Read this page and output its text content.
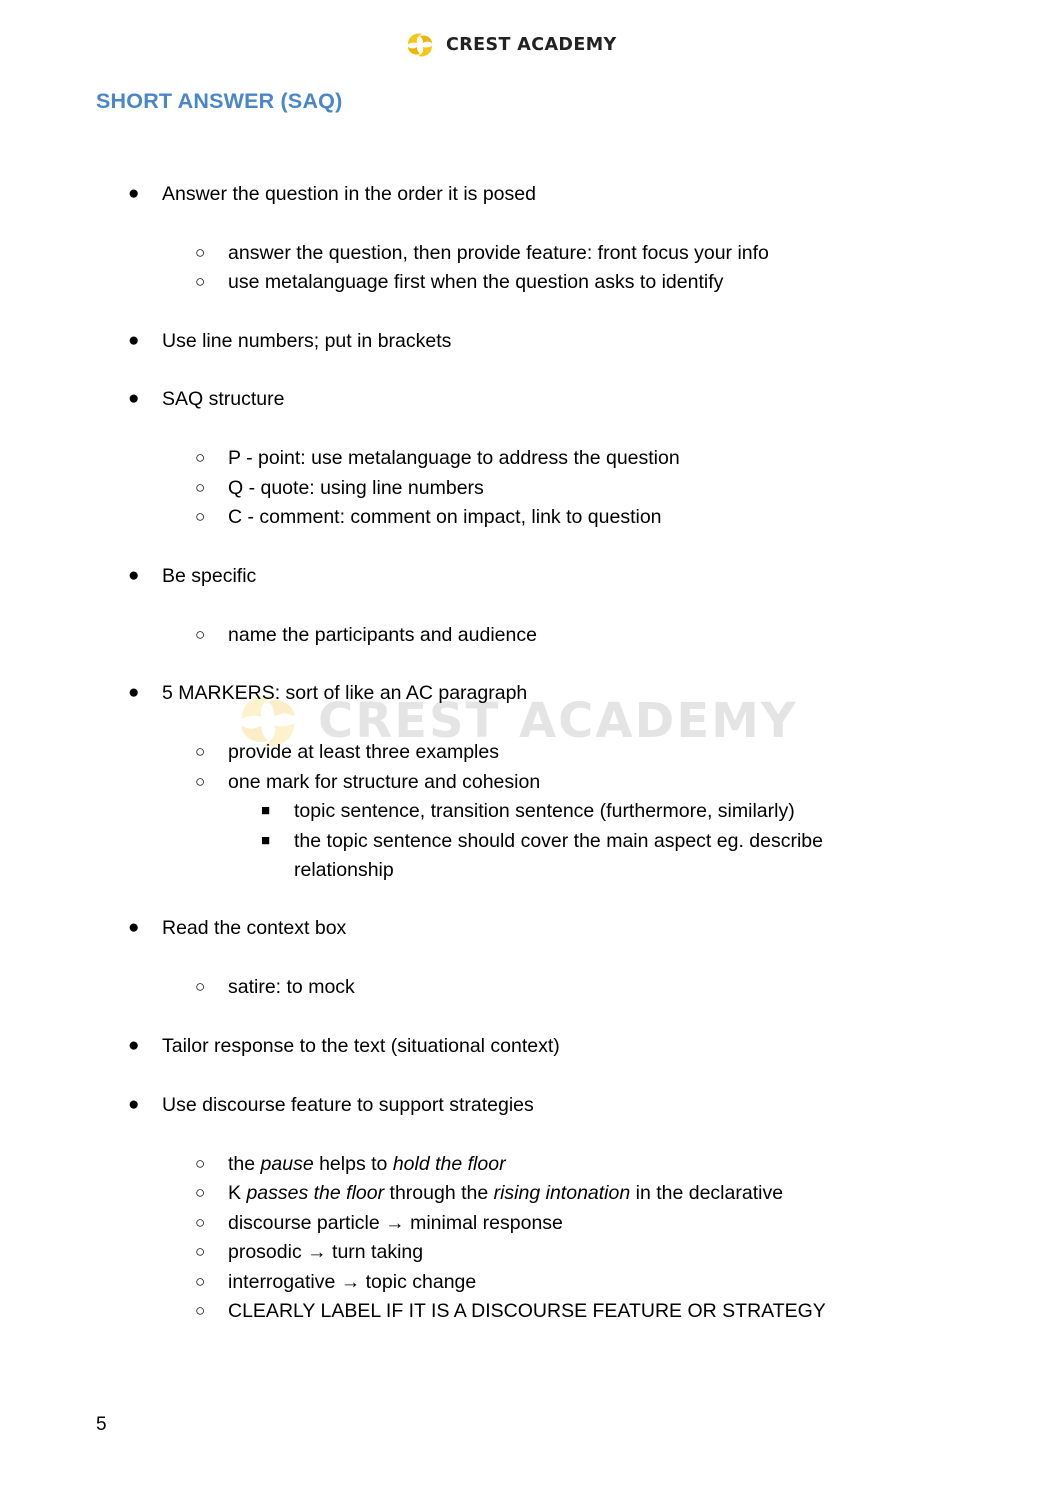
CREST ACADEMY
SHORT ANSWER (SAQ)
CREST ACADEMY
● Answer the question in the order it is posed
○ answer the question, then provide feature: front focus your info
○ use metalanguage first when the question asks to identify
● Use line numbers; put in brackets
● SAQ structure
○ P - point: use metalanguage to address the question
○ Q - quote: using line numbers
○ C - comment: comment on impact, link to question
● Be specific
○ name the participants and audience
● 5 MARKERS: sort of like an AC paragraph
○ provide at least three examples
○ one mark for structure and cohesion
■ topic sentence, transition sentence (furthermore, similarly)
■ the topic sentence should cover the main aspect eg. describe
relationship
● Read the context box
○ satire: to mock
● Tailor response to the text (situational context)
● Use discourse feature to support strategies
○ the pause helps to hold the floor
○ K passes the floor through the rising intonation in the declarative
○ discourse particle → minimal response
○ prosodic → turn taking
○ interrogative → topic change
○ CLEARLY LABEL IF IT IS A DISCOURSE FEATURE OR STRATEGY
5
